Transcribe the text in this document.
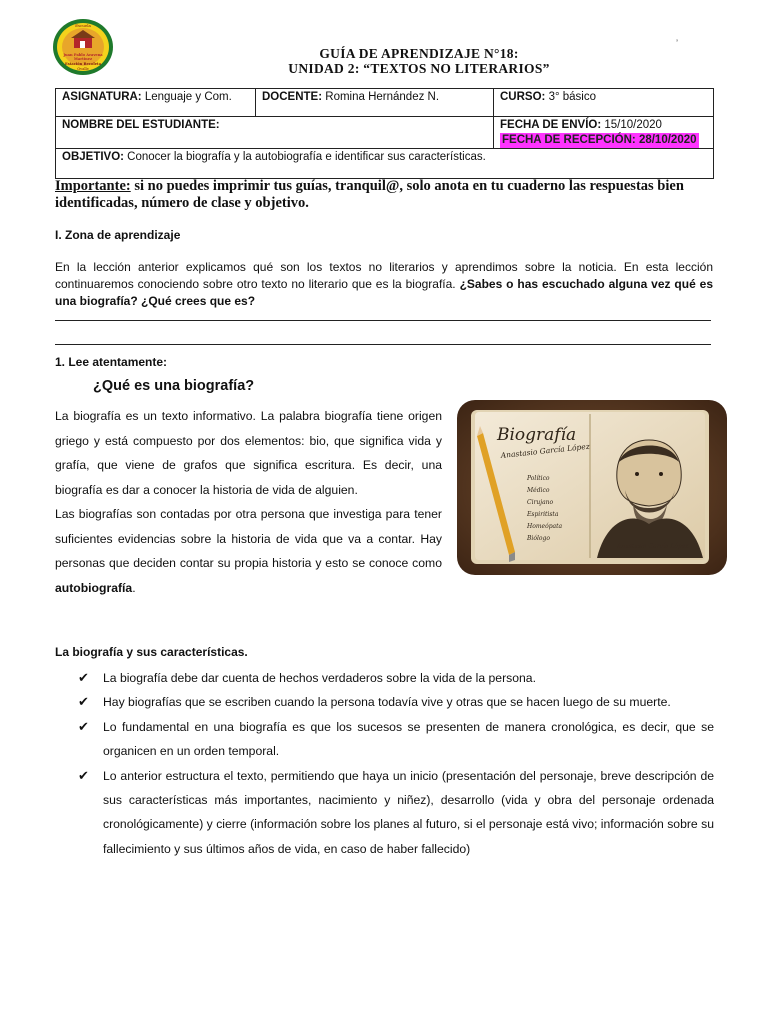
Escuela
Juan Pablo Aravena
Martínez
Estación Recoleta
Ovalle
’
GUÍA DE APRENDIZAJE N°18:
UNIDAD 2: “TEXTOS NO LITERARIOS”
ASIGNATURA: Lenguaje y Com.	DOCENTE: Romina Hernández N.	CURSO: 3° básico
NOMBRE DEL ESTUDIANTE:		FECHA DE ENVÍO: 15/10/2020
FECHA DE RECEPCIÓN: 28/10/2020
OBJETIVO: Conocer la biografía y la autobiografía e identificar sus características.		
Importante: si no puedes imprimir tus guías, tranquil@, solo anota en tu cuaderno las respuestas bien identificadas, número de clase y objetivo.
I. Zona de aprendizaje
En la lección anterior explicamos qué son los textos no literarios y aprendimos sobre la noticia. En esta lección continuaremos conociendo sobre otro texto no literario que es la biografía. ¿Sabes o has escuchado alguna vez qué es una biografía? ¿Qué crees que es?
1. Lee atentamente:
¿Qué es una biografía?
La biografía es un texto informativo. La palabra biografía tiene origen griego y está compuesto por dos elementos: bio, que significa vida y grafía, que viene de grafos que significa escritura. Es decir, una biografía es dar a conocer la historia de vida de alguien.
Las biografías son contadas por otra persona que investiga para tener suficientes evidencias sobre la historia de vida que va a contar. Hay personas que deciden contar su propia historia y esto se conoce como autobiografía.
Biografía
Anastasio García López
Político
Médico
Cirujano
Espiritista
Homeópata
Biólogo
Anastasio García López
La biografía y sus características.
✔ La biografía debe dar cuenta de hechos verdaderos sobre la vida de la persona.
✔ Hay biografías que se escriben cuando la persona todavía vive y otras que se hacen luego de su muerte.
✔ Lo fundamental en una biografía es que los sucesos se presenten de manera cronológica, es decir, que se organicen en un orden temporal.
✔ Lo anterior estructura el texto, permitiendo que haya un inicio (presentación del personaje, breve descripción de sus características más importantes, nacimiento y niñez), desarrollo (vida y obra del personaje ordenada cronológicamente) y cierre (información sobre los planes al futuro, si el personaje está vivo; información sobre su fallecimiento y sus últimos años de vida, en caso de haber fallecido)
